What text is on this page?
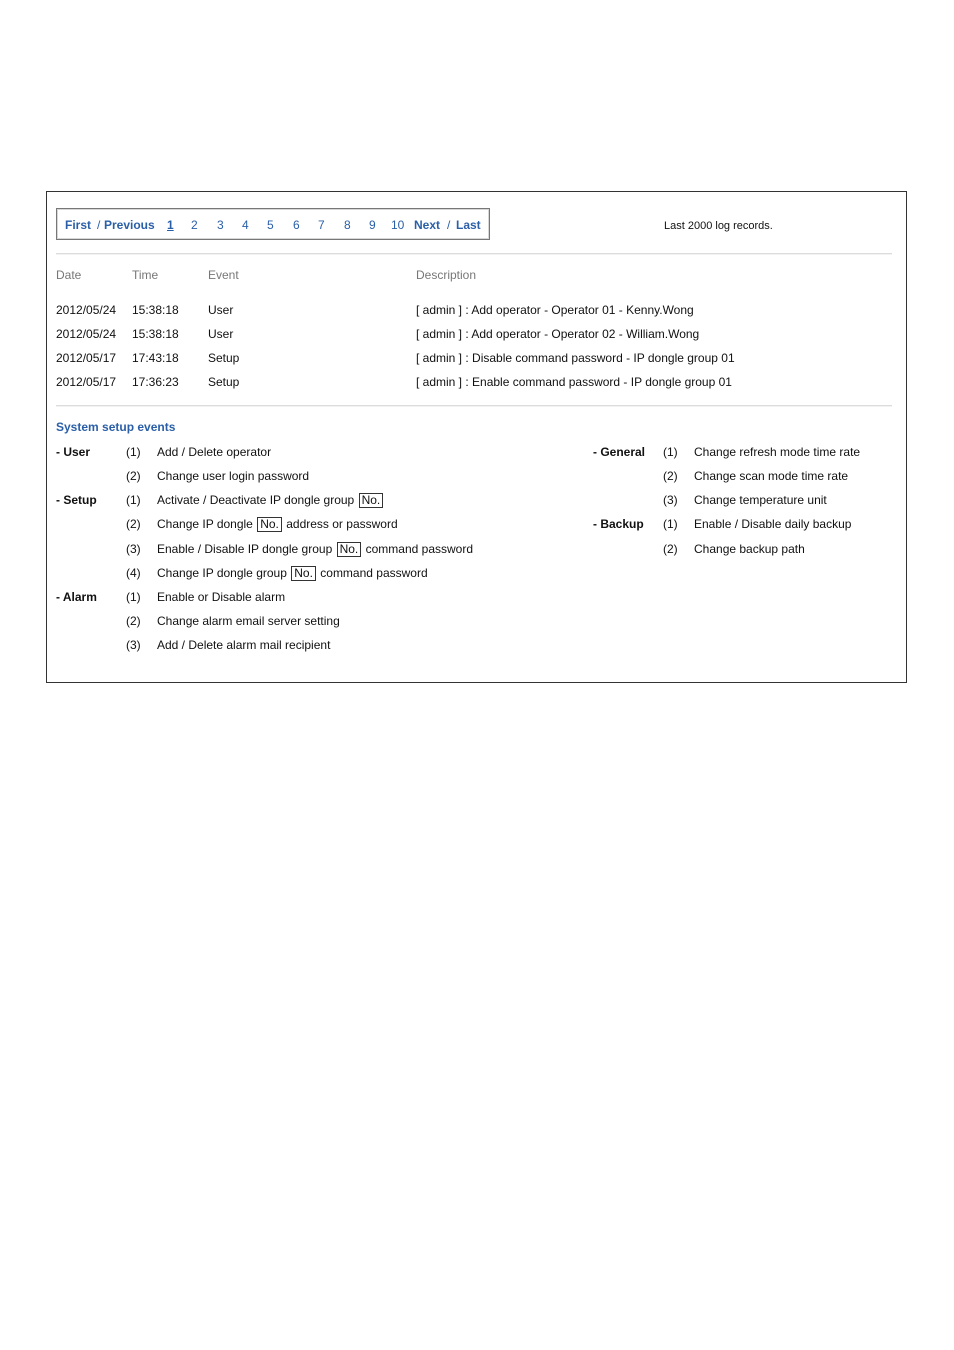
First / Previous 1 2 3 4 5 6 7 8 9 10 Next / Last	Last 2000 log records.
Date	Time	Event	Description
2012/05/24 15:38:18 User	[ admin ] : Add operator - Operator 01 - Kenny.Wong
2012/05/24 15:38:18 User	[ admin ] : Add operator - Operator 02 - William.Wong
2012/05/17 17:43:18 Setup	[ admin ] : Disable command password - IP dongle group 01
2012/05/17 17:36:23 Setup	[ admin ] : Enable command password - IP dongle group 01
System setup events
- User	(1) Add / Delete operator
(2) Change user login password
- Setup (1) Activate / Deactivate IP dongle group No.
(2) Change IP dongle No. address or password
(3) Enable / Disable IP dongle group No. command password
(4) Change IP dongle group No. command password
- Alarm (1) Enable or Disable alarm
(2) Change alarm email server setting
(3) Add / Delete alarm mail recipient
- General (1) Change refresh mode time rate
(2) Change scan mode time rate
(3) Change temperature unit
- Backup (1) Enable / Disable daily backup
(2) Change backup path
